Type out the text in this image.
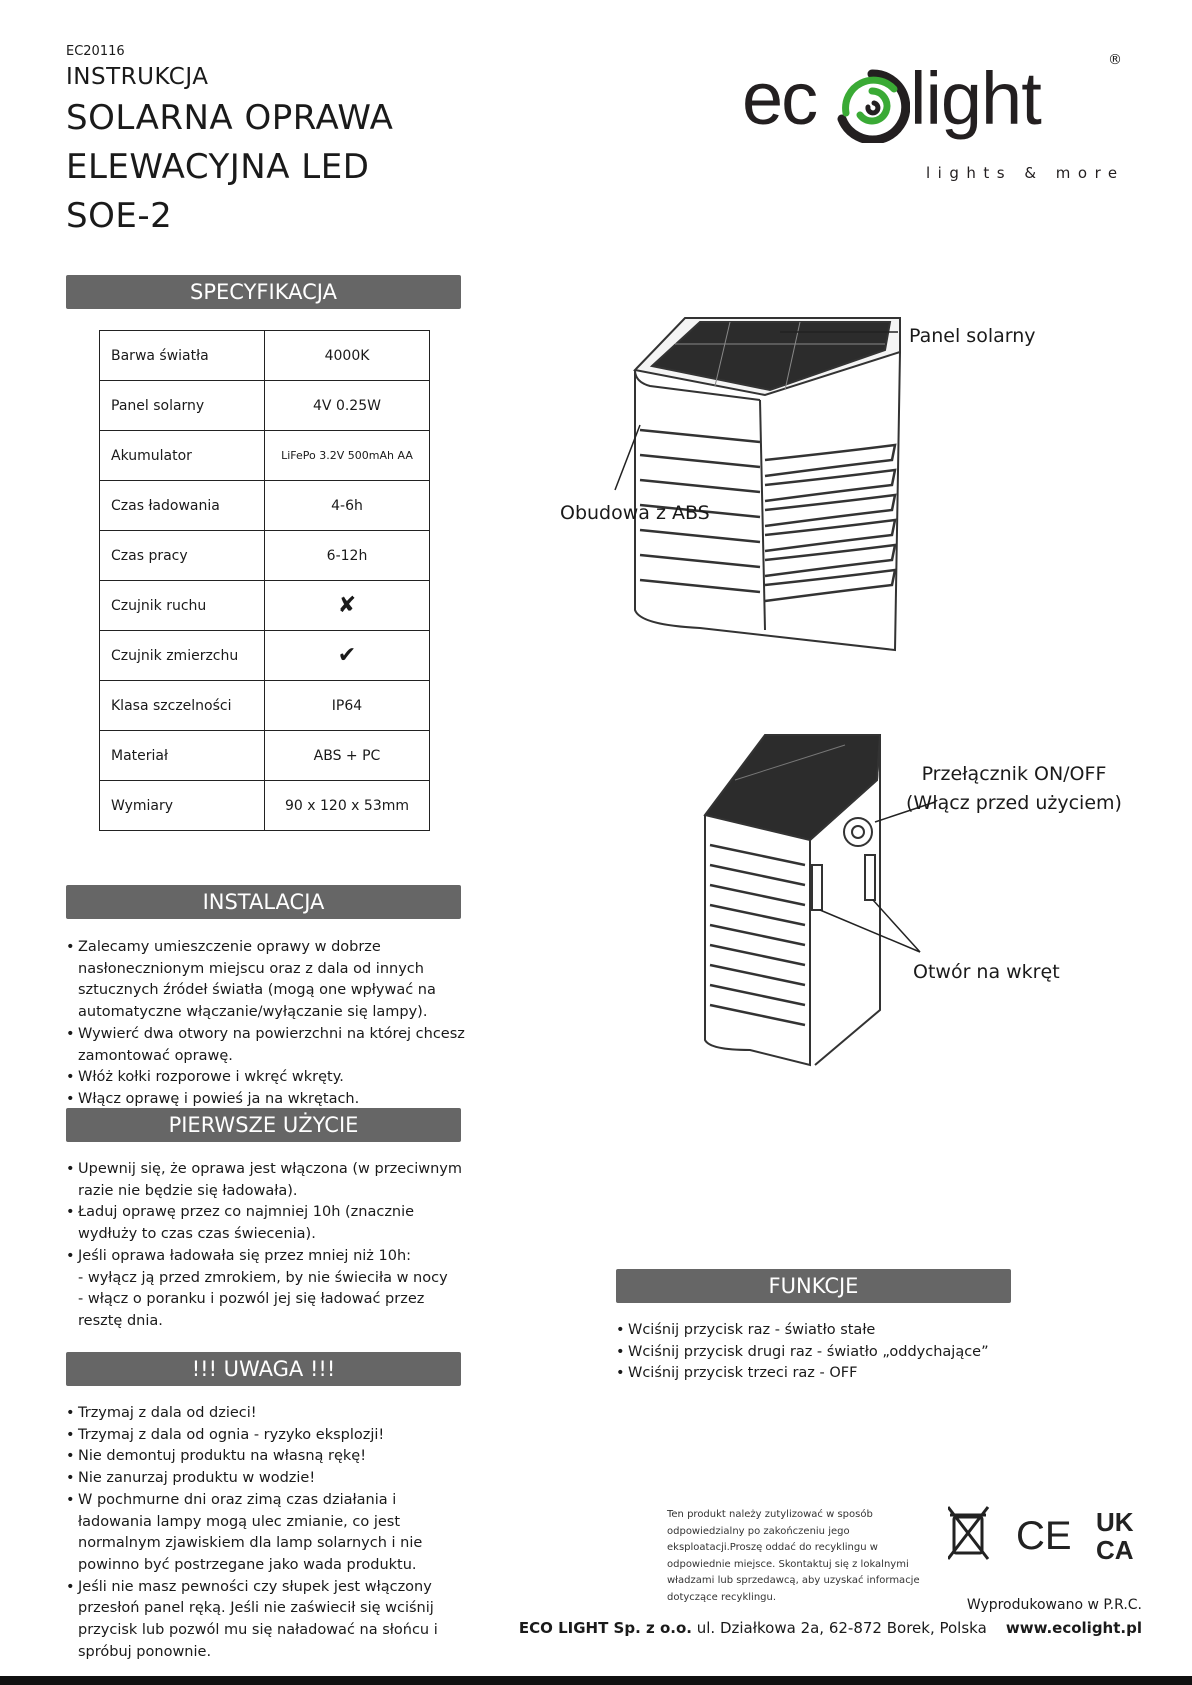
EC20116
INSTRUKCJA
SOLARNA OPRAWA
ELEWACYJNA LED
SOE-2
ec light	®
lights & more
SPECYFIKACJA
Barwa światła	4000K
Panel solarny	4V 0.25W
Akumulator	LiFePo 3.2V 500mAh AA
Czas ładowania	4-6h
Czas pracy	6-12h
Czujnik ruchu	✘
Czujnik zmierzchu	✔
Klasa szczelności	IP64
Materiał	ABS + PC
Wymiary	90 x 120 x 53mm
INSTALACJA
• Zalecamy umieszczenie oprawy w dobrze nasłonecznionym miejscu oraz z dala od innych sztucznych źródeł światła (mogą one wpływać na automatyczne włączanie/wyłączanie się lampy).
• Wywierć dwa otwory na powierzchni na której chcesz zamontować oprawę.
• Włóż kołki rozporowe i wkręć wkręty.
• Włącz oprawę i powieś ja na wkrętach.
PIERWSZE UŻYCIE
• Upewnij się, że oprawa jest włączona (w przeciwnym razie nie będzie się ładowała).
• Ładuj oprawę przez co najmniej 10h (znacznie wydłuży to czas czas świecenia).
• Jeśli oprawa ładowała się przez mniej niż 10h:
- wyłącz ją przed zmrokiem, by nie świeciła w nocy
- włącz o poranku i pozwól jej się ładować przez resztę dnia.
!!! UWAGA !!!
• Trzymaj z dala od dzieci!
• Trzymaj z dala od ognia - ryzyko eksplozji!
• Nie demontuj produktu na własną rękę!
• Nie zanurzaj produktu w wodzie!
• W pochmurne dni oraz zimą czas działania i ładowania lampy mogą ulec zmianie, co jest normalnym zjawiskiem dla lamp solarnych i nie powinno być postrzegane jako wada produktu.
• Jeśli nie masz pewności czy słupek jest włączony przesłoń panel ręką. Jeśli nie zaświecił się wciśnij przycisk lub pozwól mu się naładować na słońcu i spróbuj ponownie.
Panel solarny
Obudowa z ABS
Przełącznik ON/OFF
(Włącz przed użyciem)
Otwór na wkręt
FUNKCJE
• Wciśnij przycisk raz - światło stałe
• Wciśnij przycisk drugi raz - światło „oddychające”
• Wciśnij przycisk trzeci raz - OFF
Ten produkt należy zutylizować w sposób odpowiedzialny po zakończeniu jego eksploatacji.Proszę oddać do recyklingu w odpowiednie miejsce. Skontaktuj się z lokalnymi władzami lub sprzedawcą, aby uzyskać informacje dotyczące recyklingu.
CE UK
CA
Wyprodukowano w P.R.C.
ECO LIGHT Sp. z o.o. ul. Działkowa 2a, 62-872 Borek, Polska www.ecolight.pl
